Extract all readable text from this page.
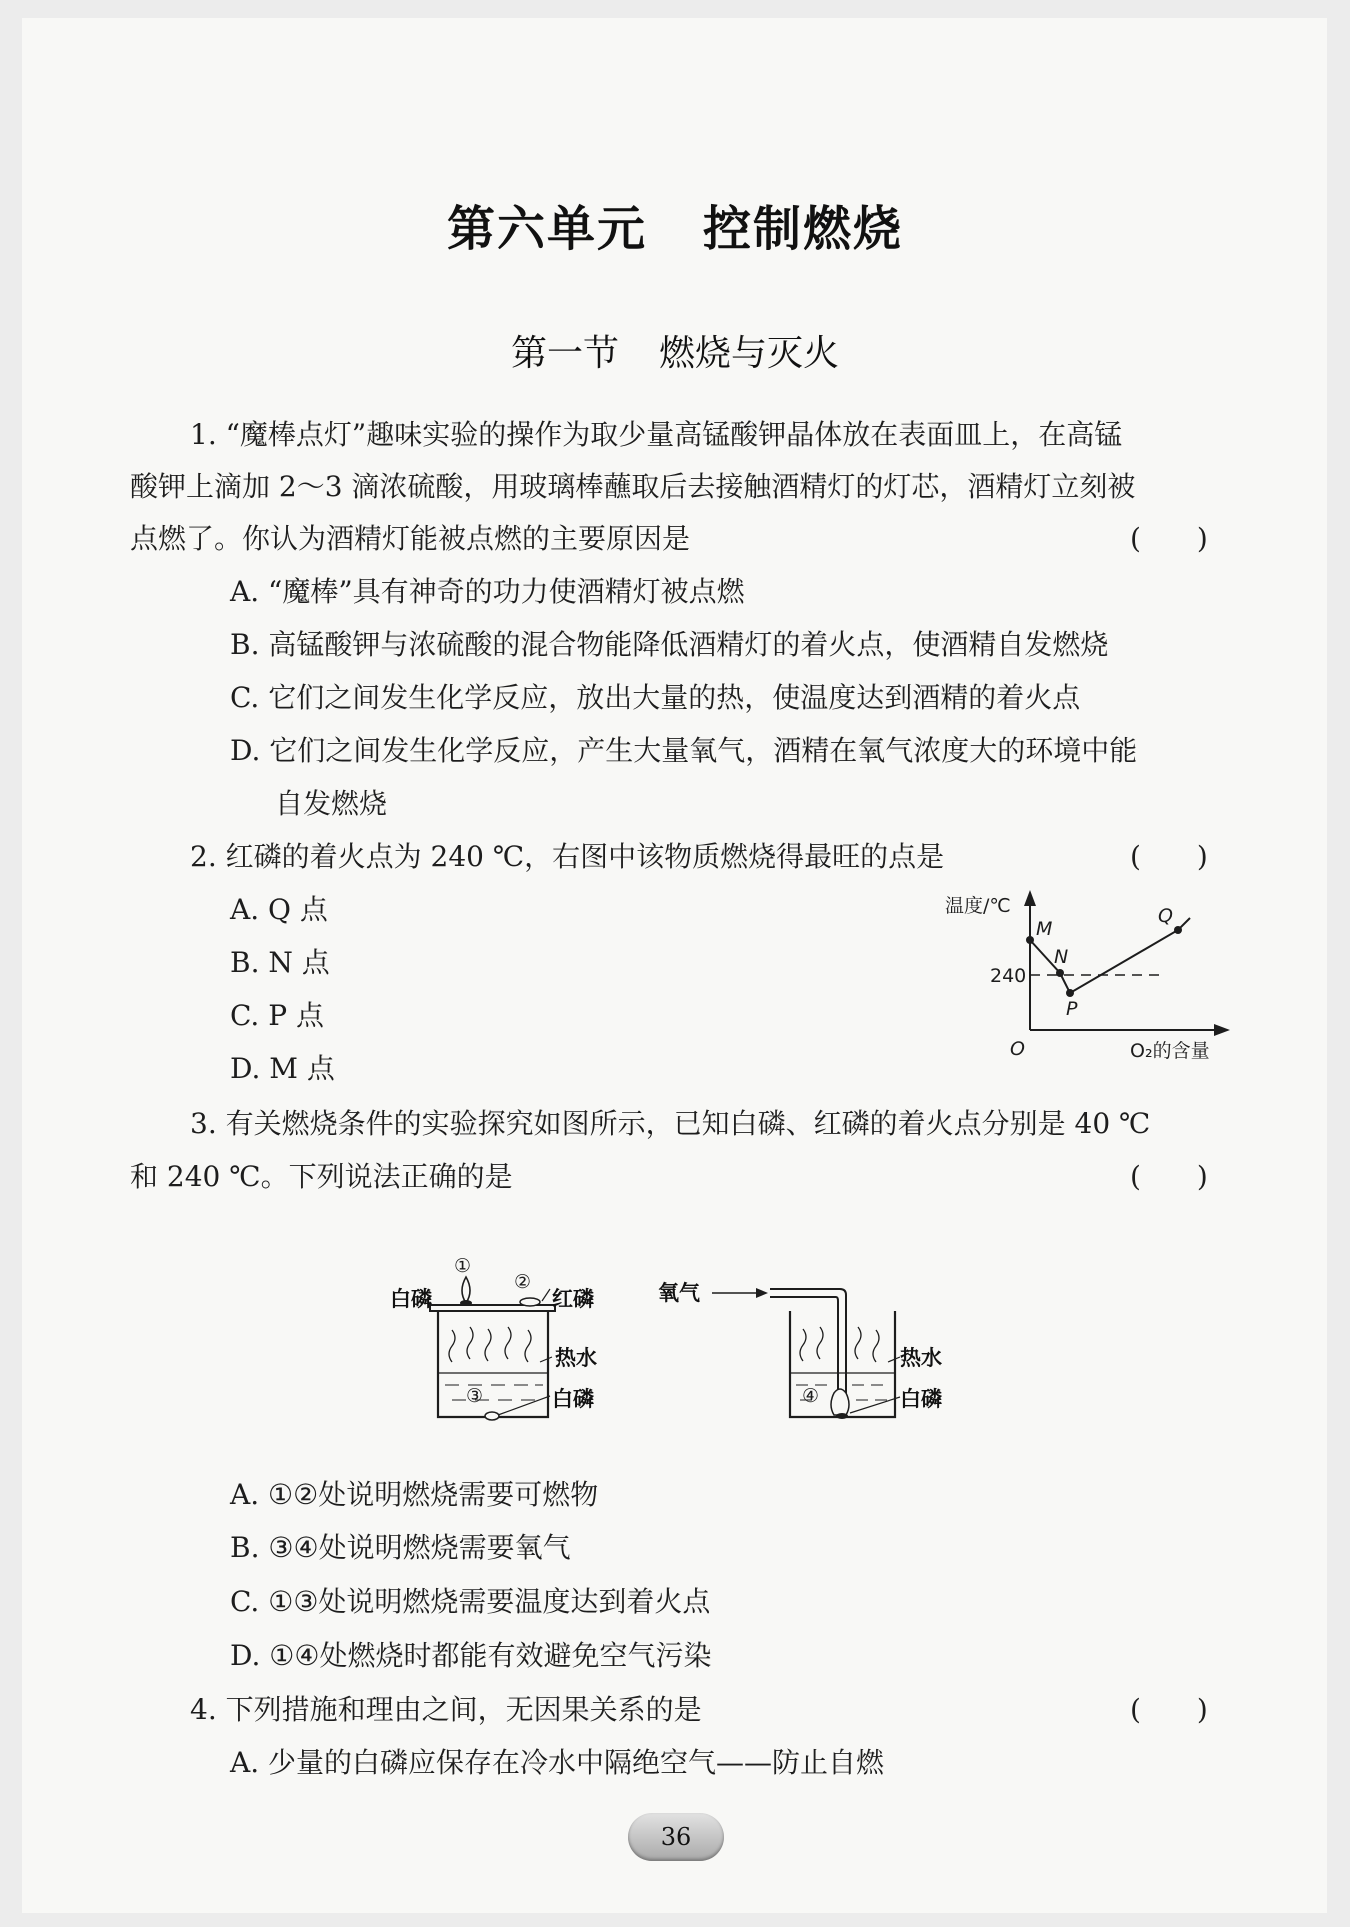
第六单元 控制燃烧
第一节 燃烧与灭火
1. “魔棒点灯”趣味实验的操作为取少量高锰酸钾晶体放在表面皿上，在高锰
酸钾上滴加 2～3 滴浓硫酸，用玻璃棒蘸取后去接触酒精灯的灯芯，酒精灯立刻被
点燃了。你认为酒精灯能被点燃的主要原因是	(　　)
A. “魔棒”具有神奇的功力使酒精灯被点燃
B. 高锰酸钾与浓硫酸的混合物能降低酒精灯的着火点，使酒精自发燃烧
C. 它们之间发生化学反应，放出大量的热，使温度达到酒精的着火点
D. 它们之间发生化学反应，产生大量氧气，酒精在氧气浓度大的环境中能
自发燃烧
2. 红磷的着火点为 240 ℃，右图中该物质燃烧得最旺的点是	(　　)
A. Q 点
B. N 点
C. P 点
D. M 点
温度/℃
240
O	O₂的含量
M
N
P
Q
3. 有关燃烧条件的实验探究如图所示，已知白磷、红磷的着火点分别是 40 ℃
和 240 ℃。下列说法正确的是	(　　)
白磷	红磷
热水
白磷
①
②
③
氧气
热水
白磷
④
A. ①②处说明燃烧需要可燃物
B. ③④处说明燃烧需要氧气
C. ①③处说明燃烧需要温度达到着火点
D. ①④处燃烧时都能有效避免空气污染
4. 下列措施和理由之间，无因果关系的是	(　　)
A. 少量的白磷应保存在冷水中隔绝空气——防止自燃
36
